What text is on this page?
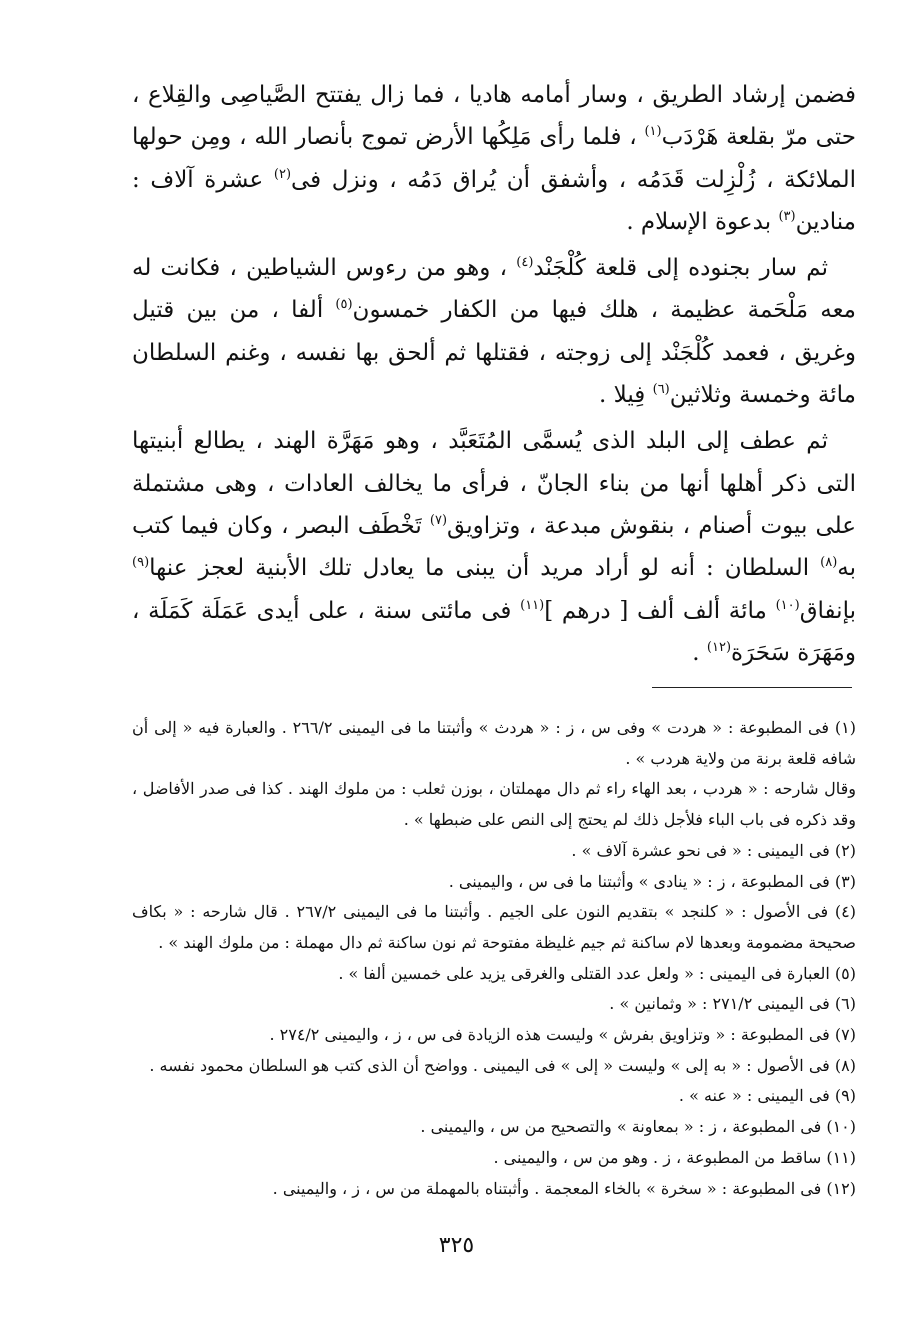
فضمن إرشاد الطريق ، وسار أمامه هاديا ، فما زال يفتتح الصَّياصِى والقِلاع ، حتى مرّ بقلعة هَرْدَب$^{(١)}$ ، فلما رأى مَلِكُها الأرض تموج بأنصار الله ، ومِن حولها الملائكة ، زُلْزِلت قَدَمُه ، وأشفق أن يُراق دَمُه ، ونزل فى$^{(٢)}$ عشرة آلاف : منادين$^{(٣)}$ بدعوة الإسلام .

ثم سار بجنوده إلى قلعة كُلْجَنْد$^{(٤)}$ ، وهو من رءوس الشياطين ، فكانت له معه مَلْحَمة عظيمة ، هلك فيها من الكفار خمسون$^{(٥)}$ ألفا ، من بين قتيل وغريق ، فعمد كُلْجَنْد إلى زوجته ، فقتلها ثم ألحق بها نفسه ، وغنم السلطان مائة وخمسة وثلاثين$^{(٦)}$ فِيلا .

ثم عطف إلى البلد الذى يُسمَّى المُتَعَبَّد ، وهو مَهَرَّة الهند ، يطالع أبنيتها التى ذكر أهلها أنها من بناء الجانّ ، فرأى ما يخالف العادات ، وهى مشتملة على بيوت أصنام ، بنقوش مبدعة ، وتزاويق$^{(٧)}$ تَخْطَف البصر ، وكان فيما كتب به$^{(٨)}$ السلطان : أنه لو أراد مريد أن يبنى ما يعادل تلك الأبنية لعجز عنها$^{(٩)}$ بإنفاق$^{(١٠)}$ مائة ألف ألف [ درهم ]$^{(١١)}$ فى مائتى سنة ، على أيدى عَمَلَة كَمَلَة ، ومَهَرَة سَحَرَة$^{(١٢)}$ .

(١) فى المطبوعة : « هردت » وفى س ، ز : « هردث » وأثبتنا ما فى اليمينى ٢٦٦/٢ . والعبارة فيه « إلى أن شافه قلعة برنة من ولاية هردب » .

وقال شارحه : « هردب ، بعد الهاء راء ثم دال مهملتان ، بوزن ثعلب : من ملوك الهند . كذا فى صدر الأفاضل ، وقد ذكره فى باب الباء فلأجل ذلك لم يحتج إلى النص على ضبطها » .

(٢) فى اليمينى : « فى نحو عشرة آلاف » .

(٣) فى المطبوعة ، ز : « ينادى » وأثبتنا ما فى س ، واليمينى .

(٤) فى الأصول : « كلنجد » بتقديم النون على الجيم . وأثبتنا ما فى اليمينى ٢٦٧/٢ . قال شارحه : « بكاف صحيحة مضمومة وبعدها لام ساكنة ثم جيم غليظة مفتوحة ثم نون ساكنة ثم دال مهملة : من ملوك الهند » .

(٥) العبارة فى اليمينى : « ولعل عدد القتلى والغرقى يزيد على خمسين ألفا » .

(٦) فى اليمينى ٢٧١/٢ : « وثمانين » .

(٧) فى المطبوعة : « وتزاويق بفرش » وليست هذه الزيادة فى س ، ز ، واليمينى ٢٧٤/٢ .

(٨) فى الأصول : « به إلى » وليست « إلى » فى اليمينى . وواضح أن الذى كتب هو السلطان محمود نفسه .

(٩) فى اليمينى : « عنه » .

(١٠) فى المطبوعة ، ز : « بمعاونة » والتصحيح من س ، واليمينى .

(١١) ساقط من المطبوعة ، ز . وهو من س ، واليمينى .

(١٢) فى المطبوعة : « سخرة » بالخاء المعجمة . وأثبتناه بالمهملة من س ، ز ، واليمينى .

٣٢٥
